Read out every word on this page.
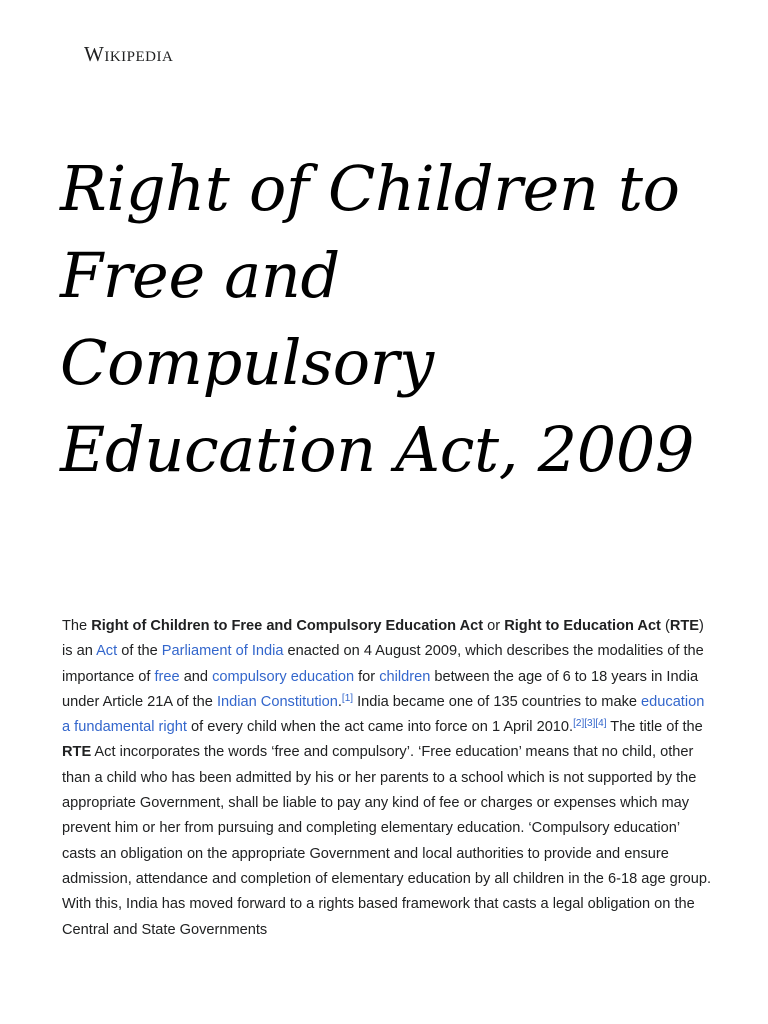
Wikipedia
Right of Children to
Free and
Compulsory
Education Act, 2009

The Right of Children to Free and Compulsory Education Act or Right to Education Act (RTE) is an Act of the Parliament of India enacted on 4 August 2009, which describes the modalities of the importance of free and compulsory education for children between the age of 6 to 18 years in India under Article 21A of the Indian Constitution.[1] India became one of 135 countries to make education a fundamental right of every child when the act came into force on 1 April 2010.[2][3][4] The title of the RTE Act incorporates the words ‘free and compulsory’. ‘Free education’ means that no child, other than a child who has been admitted by his or her parents to a school which is not supported by the appropriate Government, shall be liable to pay any kind of fee or charges or expenses which may prevent him or her from pursuing and completing elementary education. ‘Compulsory education’ casts an obligation on the appropriate Government and local authorities to provide and ensure admission, attendance and completion of elementary education by all children in the 6-18 age group. With this, India has moved forward to a rights based framework that casts a legal obligation on the Central and State Governments
